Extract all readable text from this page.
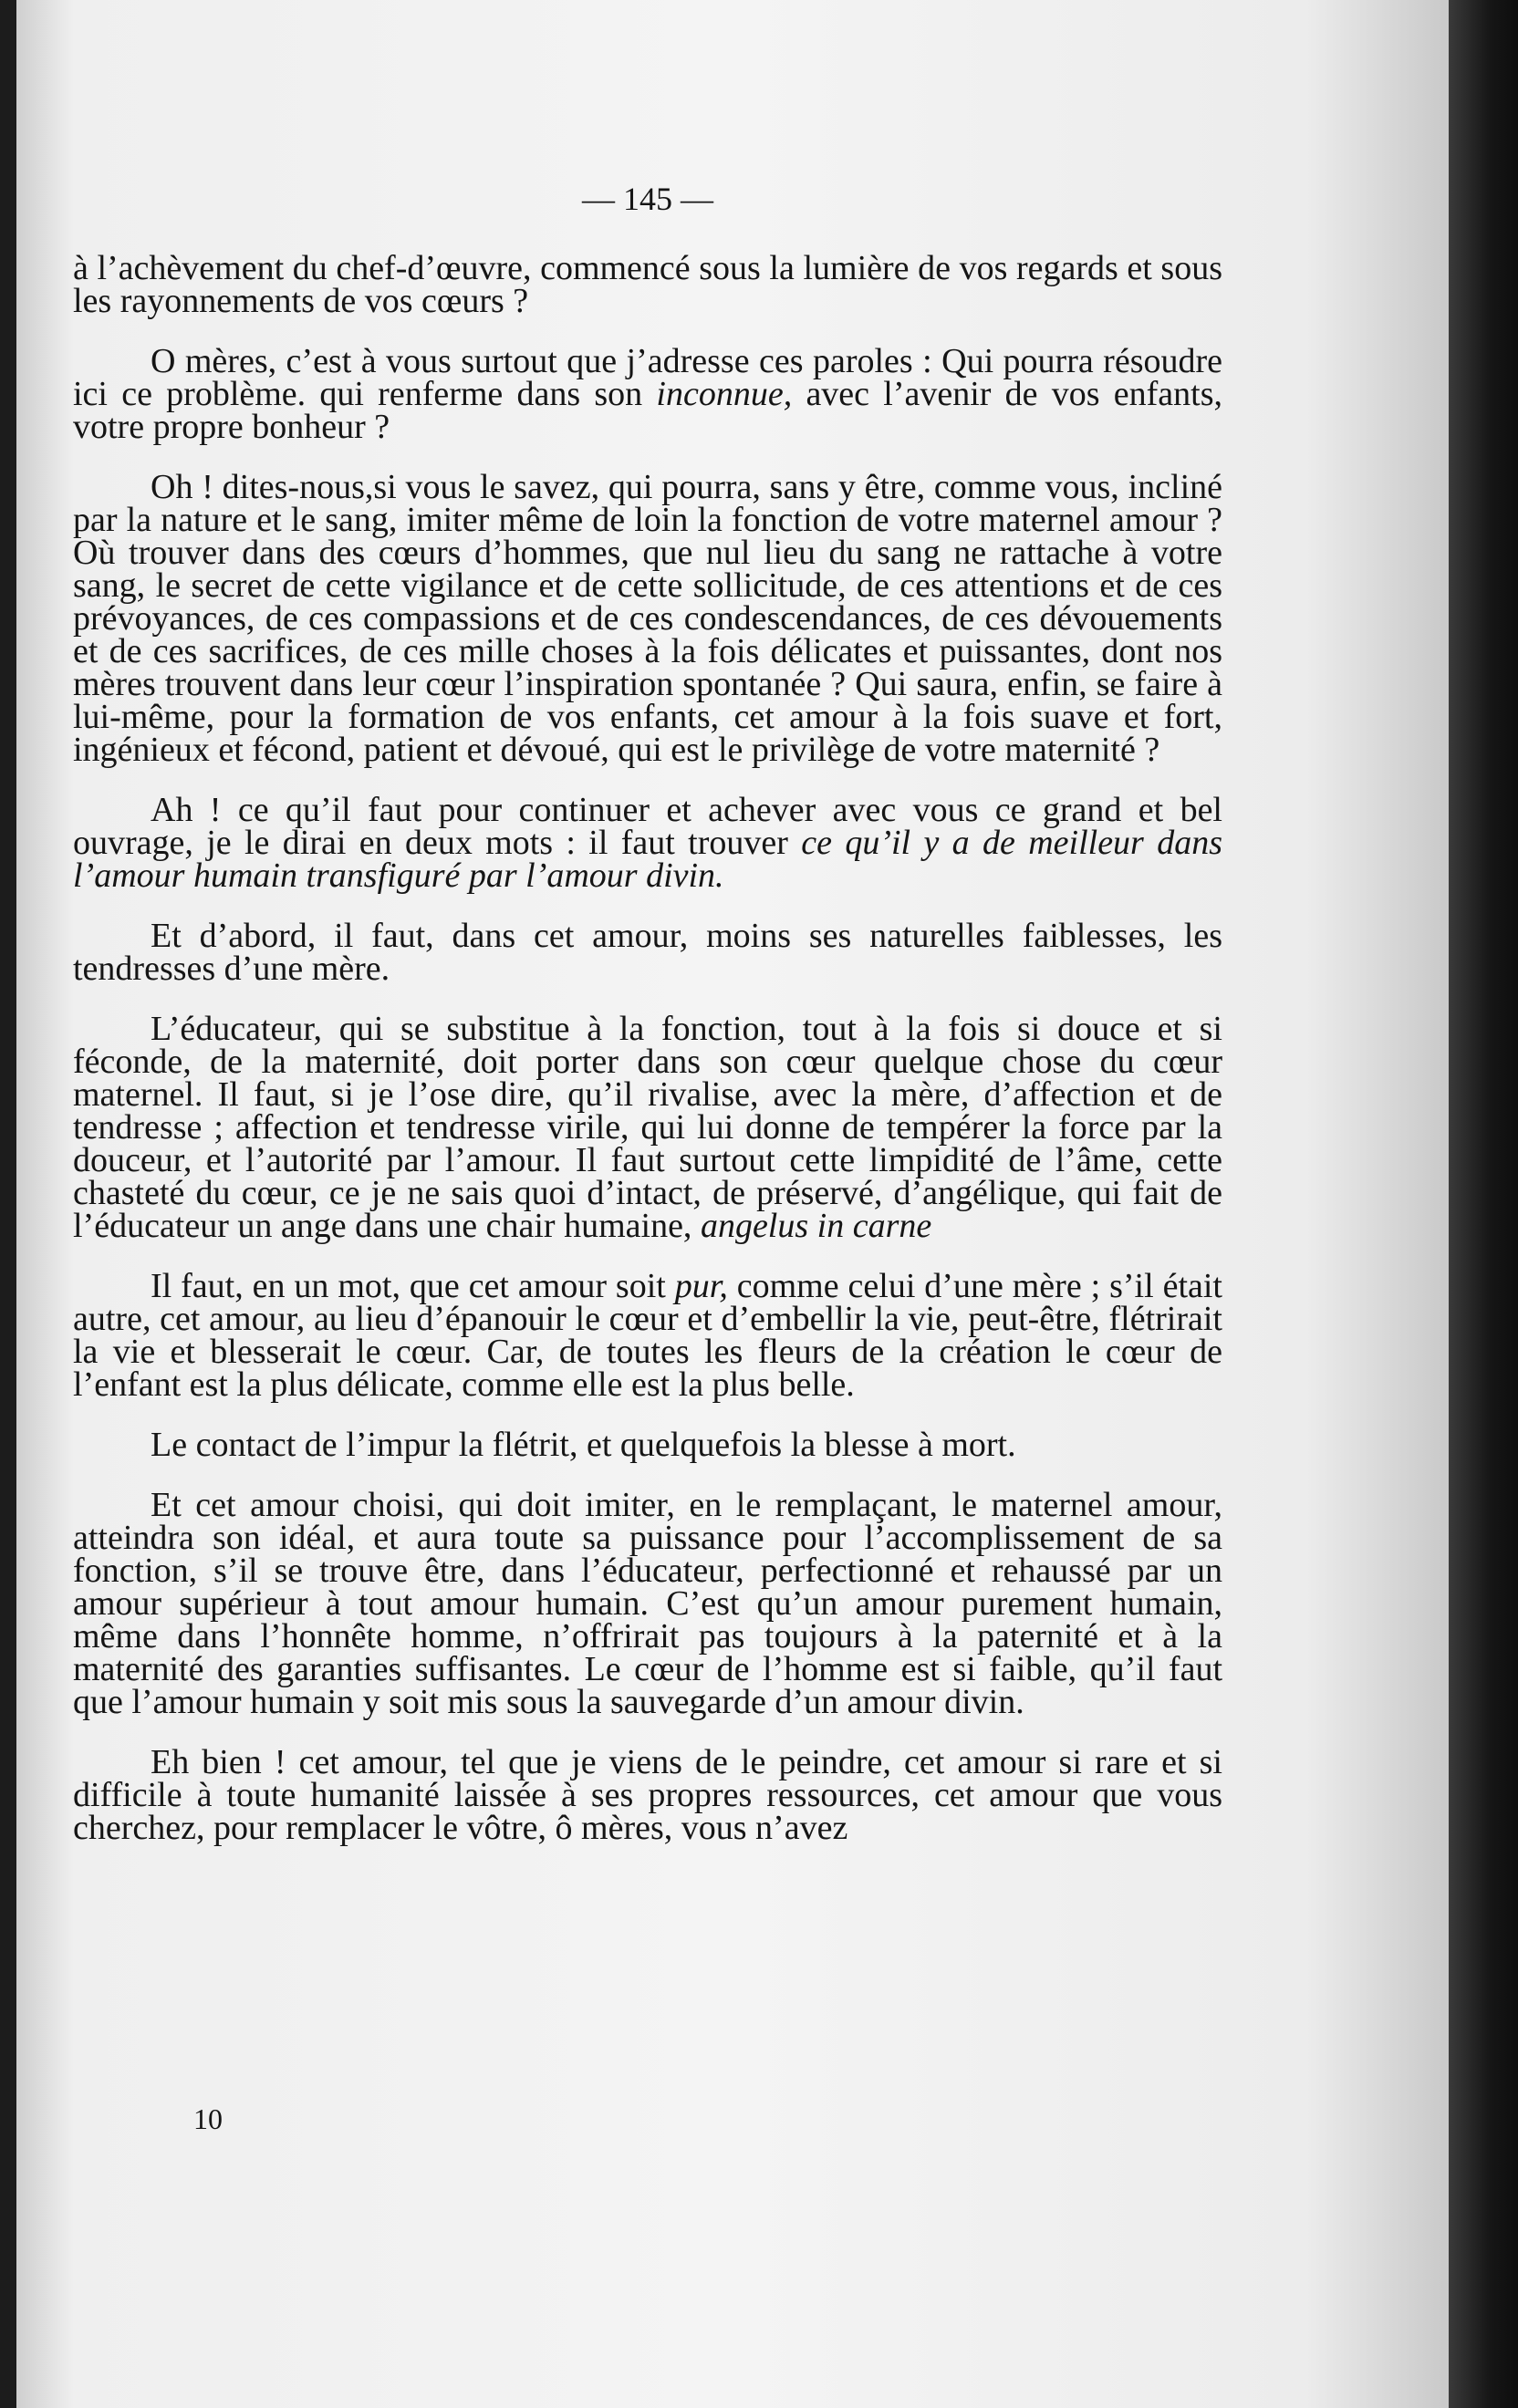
— 145 —

à l’achèvement du chef-d’œuvre, commencé sous la lumière de vos regards et sous les rayonnements de vos cœurs ?

O mères, c’est à vous surtout que j’adresse ces paroles : Qui pourra résoudre ici ce problème. qui renferme dans son inconnue, avec l’avenir de vos enfants, votre propre bonheur ?

Oh ! dites-nous,si vous le savez, qui pourra, sans y être, comme vous, incliné par la nature et le sang, imiter même de loin la fonction de votre maternel amour ? Où trouver dans des cœurs d’hommes, que nul lieu du sang ne rattache à votre sang, le secret de cette vigilance et de cette sollicitude, de ces attentions et de ces prévoyances, de ces compassions et de ces condescendances, de ces dévouements et de ces sacrifices, de ces mille choses à la fois délicates et puissantes, dont nos mères trouvent dans leur cœur l’inspiration spontanée ? Qui saura, enfin, se faire à lui-même, pour la formation de vos enfants, cet amour à la fois suave et fort, ingénieux et fécond, patient et dévoué, qui est le privilège de votre maternité ?

Ah ! ce qu’il faut pour continuer et achever avec vous ce grand et bel ouvrage, je le dirai en deux mots : il faut trouver ce qu’il y a de meilleur dans l’amour humain transfiguré par l’amour divin.

Et d’abord, il faut, dans cet amour, moins ses naturelles faiblesses, les tendresses d’une mère.

L’éducateur, qui se substitue à la fonction, tout à la fois si douce et si féconde, de la maternité, doit porter dans son cœur quelque chose du cœur maternel. Il faut, si je l’ose dire, qu’il rivalise, avec la mère, d’affection et de tendresse ; affection et tendresse virile, qui lui donne de tempérer la force par la douceur, et l’autorité par l’amour. Il faut surtout cette limpidité de l’âme, cette chasteté du cœur, ce je ne sais quoi d’intact, de préservé, d’angélique, qui fait de l’éducateur un ange dans une chair humaine, angelus in carne

Il faut, en un mot, que cet amour soit pur, comme celui d’une mère ; s’il était autre, cet amour, au lieu d’épanouir le cœur et d’embellir la vie, peut-être, flétrirait la vie et blesserait le cœur. Car, de toutes les fleurs de la création le cœur de l’enfant est la plus délicate, comme elle est la plus belle.

Le contact de l’impur la flétrit, et quelquefois la blesse à mort.

Et cet amour choisi, qui doit imiter, en le remplaçant, le maternel amour, atteindra son idéal, et aura toute sa puissance pour l’accomplissement de sa fonction, s’il se trouve être, dans l’éducateur, perfectionné et rehaussé par un amour supérieur à tout amour humain. C’est qu’un amour purement humain, même dans l’honnête homme, n’offrirait pas toujours à la paternité et à la maternité des garanties suffisantes. Le cœur de l’homme est si faible, qu’il faut que l’amour humain y soit mis sous la sauvegarde d’un amour divin.

Eh bien ! cet amour, tel que je viens de le peindre, cet amour si rare et si difficile à toute humanité laissée à ses propres ressources, cet amour que vous cherchez, pour remplacer le vôtre, ô mères, vous n’avez

10
